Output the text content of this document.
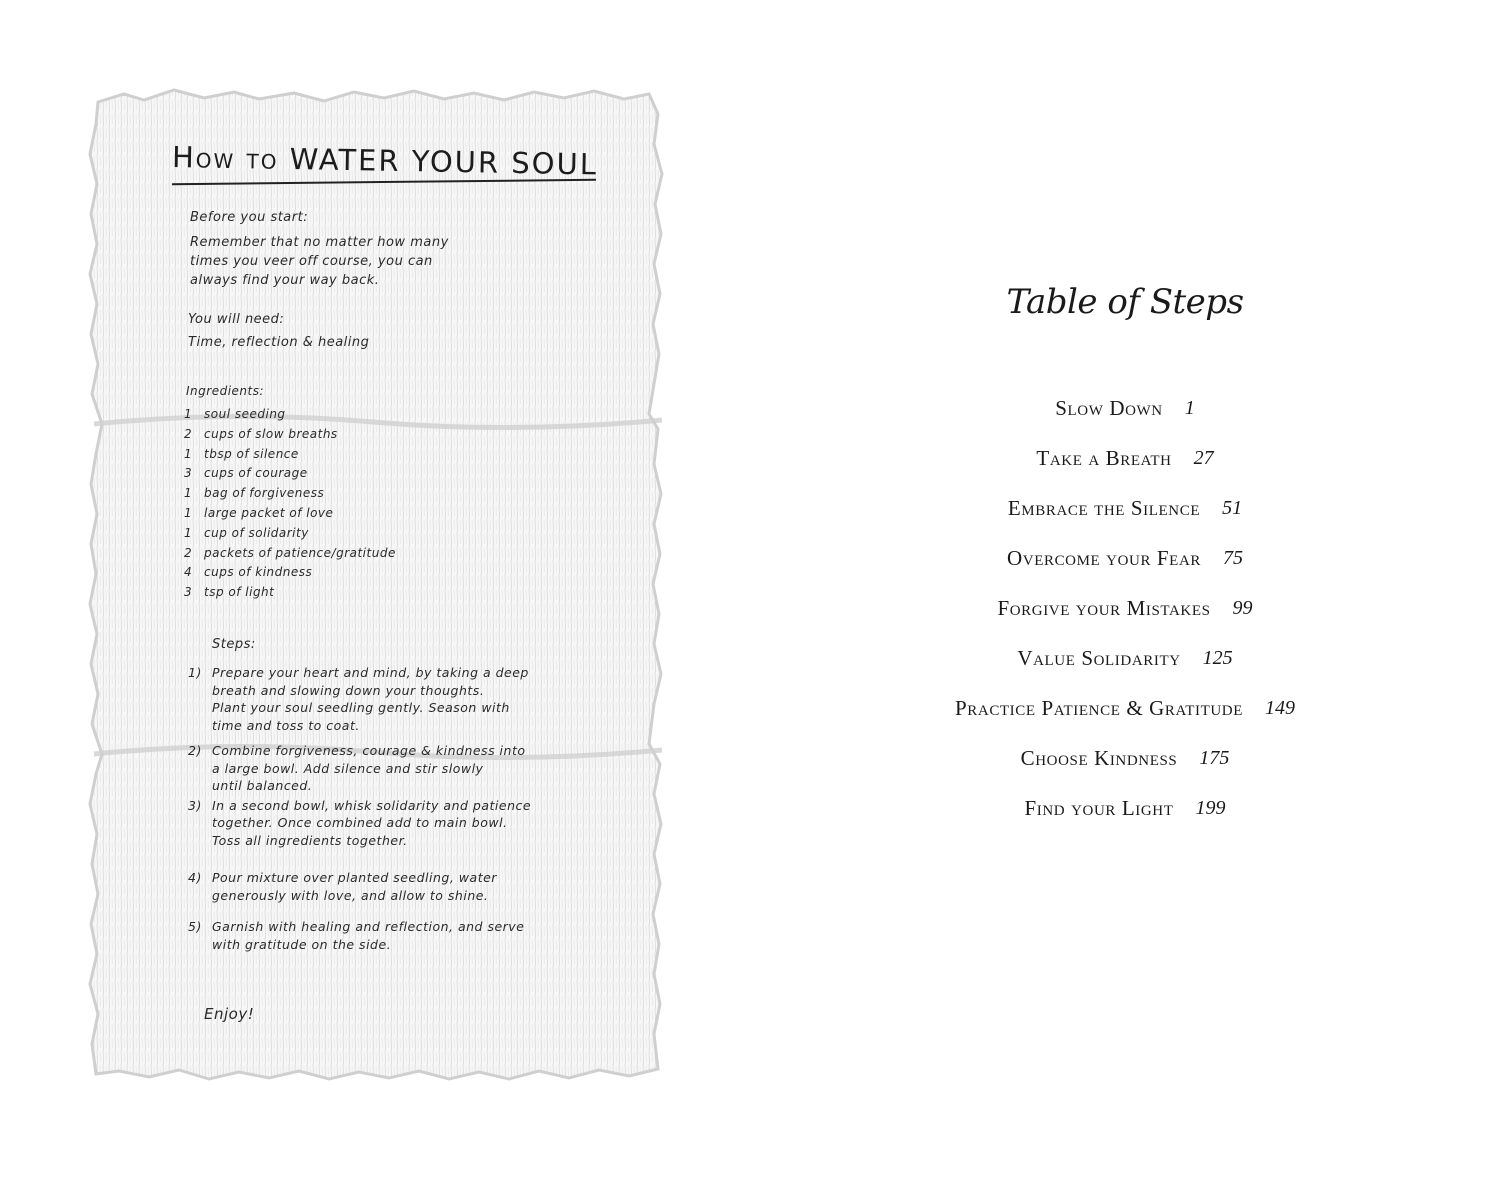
How to WATER YOUR SOUL
Before you start:
Remember that no matter how many
times you veer off course, you can
always find your way back.
You will need:
Time, reflection & healing
Ingredients:
1 soul seeding
2 cups of slow breaths
1 tbsp of silence
3 cups of courage
1 bag of forgiveness
1 large packet of love
1 cup of solidarity
2 packets of patience/gratitude
4 cups of kindness
3 tsp of light
Steps:
1) Prepare your heart and mind, by taking a deep
breath and slowing down your thoughts.
Plant your soul seedling gently. Season with
time and toss to coat.
2) Combine forgiveness, courage & kindness into
a large bowl. Add silence and stir slowly
until balanced.
3) In a second bowl, whisk solidarity and patience
together. Once combined add to main bowl.
Toss all ingredients together.
4) Pour mixture over planted seedling, water
generously with love, and allow to shine.
5) Garnish with healing and reflection, and serve
with gratitude on the side.
Enjoy!
Table of Steps
Slow Down 1
Take a Breath 27
Embrace the Silence 51
Overcome your Fear 75
Forgive your Mistakes 99
Value Solidarity 125
Practice Patience & Gratitude 149
Choose Kindness 175
Find your Light 199
